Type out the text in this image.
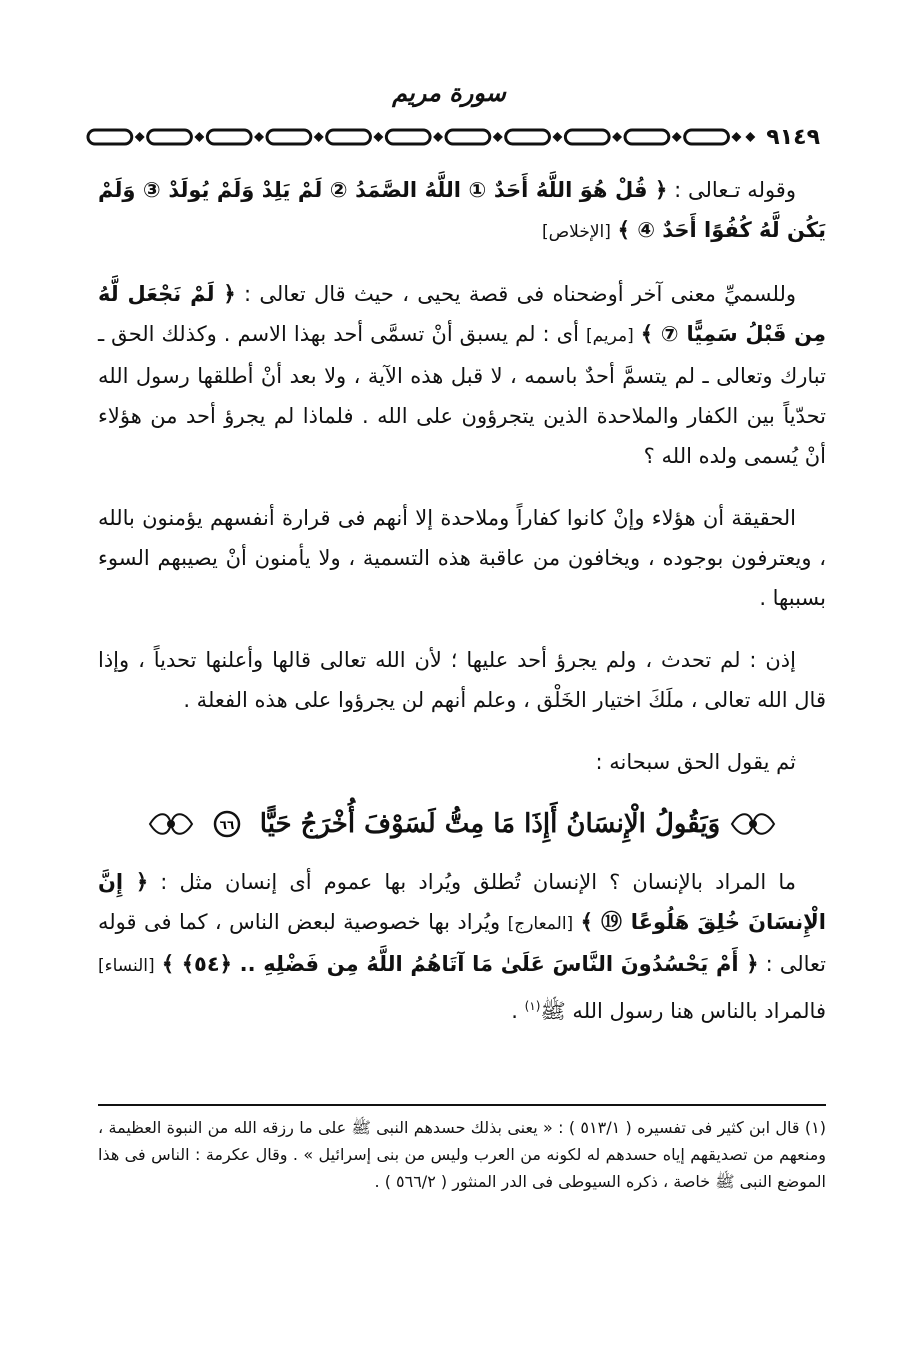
سورة مريم
٩١٤٩

وقوله تـعالى : ﴿ قُلْ هُوَ اللَّهُ أَحَدٌ ① اللَّهُ الصَّمَدُ ② لَمْ يَلِدْ وَلَمْ يُولَدْ ③ وَلَمْ يَكُن لَّهُ كُفُوًا أَحَدٌ ④ ﴾ [الإخلاص]

وللسميِّ معنى آخر أوضحناه فى قصة يحيى ، حيث قال تعالى : ﴿ لَمْ نَجْعَل لَّهُ مِن قَبْلُ سَمِيًّا ⑦ ﴾ [مريم] أى : لم يسبق أنْ تسمَّى أحد بهذا الاسم . وكذلك الحق ـ تبارك وتعالى ـ لم يتسمَّ أحدٌ باسمه ، لا قبل هذه الآية ، ولا بعد أنْ أطلقها رسول الله تحدّياً بين الكفار والملاحدة الذين يتجرؤون على الله . فلماذا لم يجرؤ أحد من هؤلاء أنْ يُسمى ولده الله ؟

الحقيقة أن هؤلاء وإنْ كانوا كفاراً وملاحدة إلا أنهم فى قرارة أنفسهم يؤمنون بالله ، ويعترفون بوجوده ، ويخافون من عاقبة هذه التسمية ، ولا يأمنون أنْ يصيبهم السوء بسببها .

إذن : لم تحدث ، ولم يجرؤ أحد عليها ؛ لأن الله تعالى قالها وأعلنها تحدياً ، وإذا قال الله تعالى ، ملَكَ اختيار الخَلْق ، وعلم أنهم لن يجرؤوا على هذه الفعلة .

ثم يقول الحق سبحانه :

وَيَقُولُ الْإِنسَانُ أَإِذَا مَا مِتُّ لَسَوْفَ أُخْرَجُ حَيًّا
٦٦

ما المراد بالإنسان ؟ الإنسان تُطلق ويُراد بها عموم أى إنسان مثل : ﴿ إِنَّ الْإِنسَانَ خُلِقَ هَلُوعًا ⑲ ﴾ [المعارج] ويُراد بها خصوصية لبعض الناس ، كما فى قوله تعالى : ﴿ أَمْ يَحْسُدُونَ النَّاسَ عَلَىٰ مَا آتَاهُمُ اللَّهُ مِن فَضْلِهِ .. ﴿٥٤﴾ ﴾ [النساء] فالمراد بالناس هنا رسول الله ﷺ$^{(١)}$ .

(١) قال ابن كثير فى تفسيره ( ٥١٣/١ ) : « يعنى بذلك حسدهم النبى ﷺ على ما رزقه الله من النبوة العظيمة ، ومنعهم من تصديقهم إياه حسدهم له لكونه من العرب وليس من بنى إسرائيل » . وقال عكرمة : الناس فى هذا الموضع النبى ﷺ خاصة ، ذكره السيوطى فى الدر المنثور ( ٥٦٦/٢ ) .
